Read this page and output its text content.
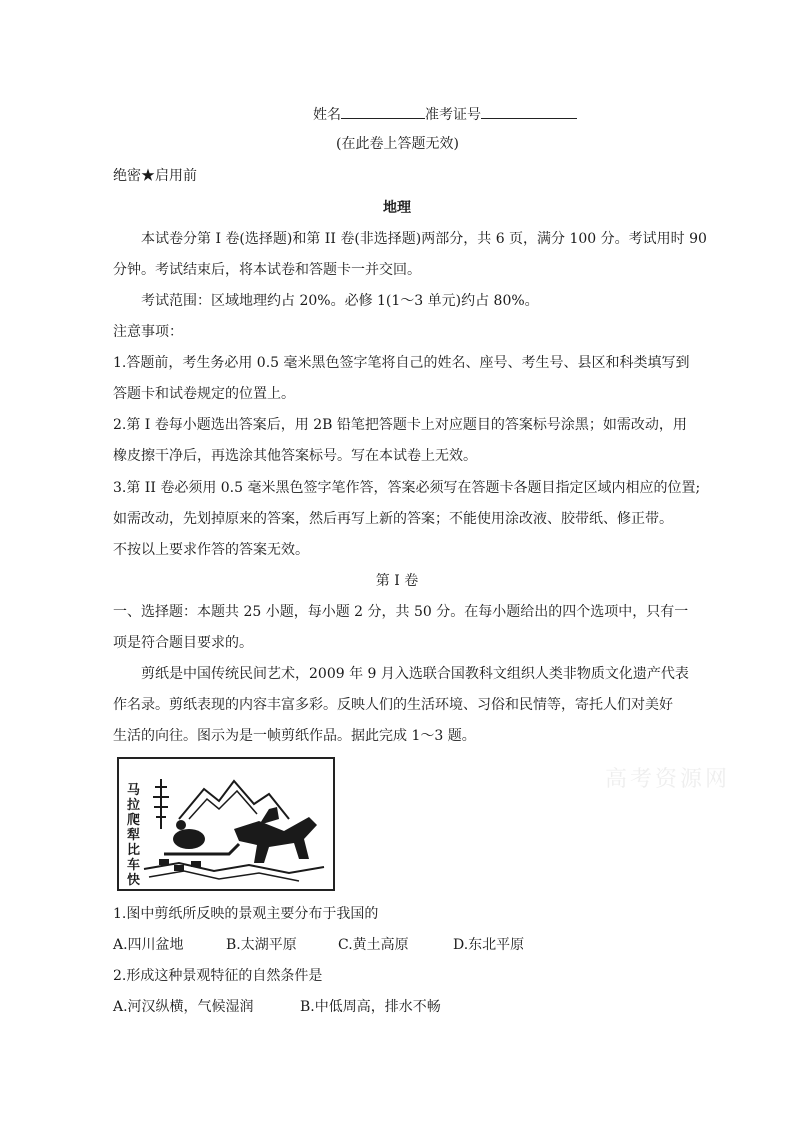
姓名	准考证号
(在此卷上答题无效)
绝密★启用前
地理
本试卷分第 I 卷(选择题)和第 II 卷(非选择题)两部分，共 6 页，满分 100 分。考试用时 90
分钟。考试结束后，将本试卷和答题卡一并交回。
考试范围：区域地理约占 20%。必修 1(1～3 单元)约占 80%。
注意事项：
1.答题前，考生务必用 0.5 毫米黑色签字笔将自己的姓名、座号、考生号、县区和科类填写到
答题卡和试卷规定的位置上。
2.第 I 卷每小题选出答案后，用 2B 铅笔把答题卡上对应题目的答案标号涂黑；如需改动，用
橡皮擦干净后，再选涂其他答案标号。写在本试卷上无效。
3.第 II 卷必须用 0.5 毫米黑色签字笔作答，答案必须写在答题卡各题目指定区域内相应的位置;
如需改动，先划掉原来的答案，然后再写上新的答案；不能使用涂改液、胶带纸、修正带。
不按以上要求作答的答案无效。
第 I 卷
一、选择题：本题共 25 小题，每小题 2 分，共 50 分。在每小题给出的四个选项中，只有一
项是符合题目要求的。
剪纸是中国传统民间艺术，2009 年 9 月入选联合国教科文组织人类非物质文化遗产代表
作名录。剪纸表现的内容丰富多彩。反映人们的生活环境、习俗和民情等，寄托人们对美好
生活的向往。图示为是一帧剪纸作品。据此完成 1～3 题。
马拉爬犁比车快
高考资源网
1.图中剪纸所反映的景观主要分布于我国的
A.四川盆地	B.太湖平原	C.黄土高原	D.东北平原
2.形成这种景观特征的自然条件是
A.河汉纵横，气候湿润	B.中低周高，排水不畅
